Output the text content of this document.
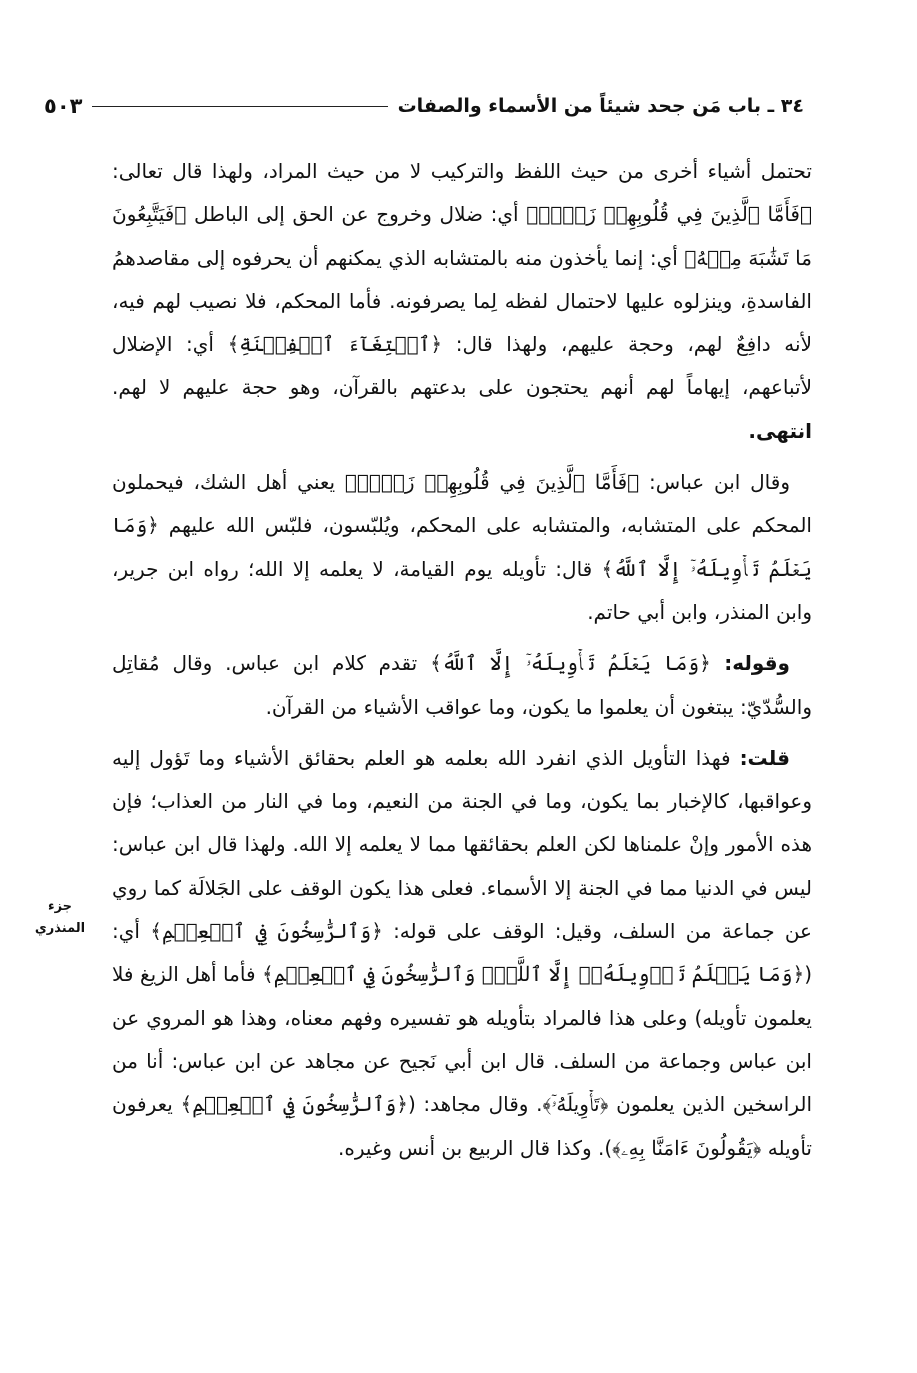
٣٤ ـ باب مَن جحد شيئاً من الأسماء والصفات
٥٠٣

تحتمل أشياء أخرى من حيث اللفظ والتركيب لا من حيث المراد، ولهذا قال تعالى: ﴿فَأَمَّا ٱلَّذِينَ فِي قُلُوبِهِمۡ زَيۡغٞ﴾ أي: ضلال وخروج عن الحق إلى الباطل ﴿فَيَتَّبِعُونَ مَا تَشَٰبَهَ مِنۡهُ﴾ أي: إنما يأخذون منه بالمتشابه الذي يمكنهم أن يحرفوه إلى مقاصدهمُ الفاسدةِ، وينزلوه عليها لاحتمال لفظه لِما يصرفونه. فأما المحكم، فلا نصيب لهم فيه، لأنه دافِعٌ لهم، وحجة عليهم، ولهذا قال: ﴿ٱبۡتِغَآءَ ٱلۡفِتۡنَةِ﴾ أي: الإضلال لأتباعهم، إيهاماً لهم أنهم يحتجون على بدعتهم بالقرآن، وهو حجة عليهم لا لهم. انتهى.

وقال ابن عباس: ﴿فَأَمَّا ٱلَّذِينَ فِي قُلُوبِهِمۡ زَيۡغٞ﴾ يعني أهل الشك، فيحملون المحكم على المتشابه، والمتشابه على المحكم، ويُلبّسون، فلبّس الله عليهم ﴿وَمَا يَعۡلَمُ تَأۡوِيلَهُۥٓ إِلَّا ٱللَّهُ﴾ قال: تأويله يوم القيامة، لا يعلمه إلا الله؛ رواه ابن جرير، وابن المنذر، وابن أبي حاتم.

وقوله: ﴿وَمَا يَعۡلَمُ تَأۡوِيلَهُۥٓ إِلَّا ٱللَّهُ﴾ تقدم كلام ابن عباس. وقال مُقاتِل والسُّدّيّ: يبتغون أن يعلموا ما يكون، وما عواقب الأشياء من القرآن.

قلت: فهذا التأويل الذي انفرد الله بعلمه هو العلم بحقائق الأشياء وما تَؤول إليه وعواقبها، كالإخبار بما يكون، وما في الجنة من النعيم، وما في النار من العذاب؛ فإن هذه الأمور وإنْ علمناها لكن العلم بحقائقها مما لا يعلمه إلا الله. ولهذا قال ابن عباس: ليس في الدنيا مما في الجنة إلا الأسماء. فعلى هذا يكون الوقف على الجَلالَة كما روي عن جماعة من السلف، وقيل: الوقف على قوله: ﴿وَٱلرَّٰسِخُونَ فِي ٱلۡعِلۡمِ﴾ أي: (﴿وَمَا يَعۡلَمُ تَأۡوِيلَهُۥٓ إِلَّا ٱللَّهُۗ وَٱلرَّٰسِخُونَ فِي ٱلۡعِلۡمِ﴾ فأما أهل الزيغ فلا يعلمون تأويله) وعلى هذا فالمراد بتأويله هو تفسيره وفهم معناه، وهذا هو المروي عن ابن عباس وجماعة من السلف. قال ابن أبي نَجيح عن مجاهد عن ابن عباس: أنا من الراسخين الذين يعلمون ﴿تَأۡوِيلَهُۥٓ﴾. وقال مجاهد: (﴿وَٱلرَّٰسِخُونَ فِي ٱلۡعِلۡمِ﴾ يعرفون تأويله ﴿يَقُولُونَ ءَامَنَّا بِهِۦ﴾). وكذا قال الربيع بن أنس وغيره.

جزء
المنذري
